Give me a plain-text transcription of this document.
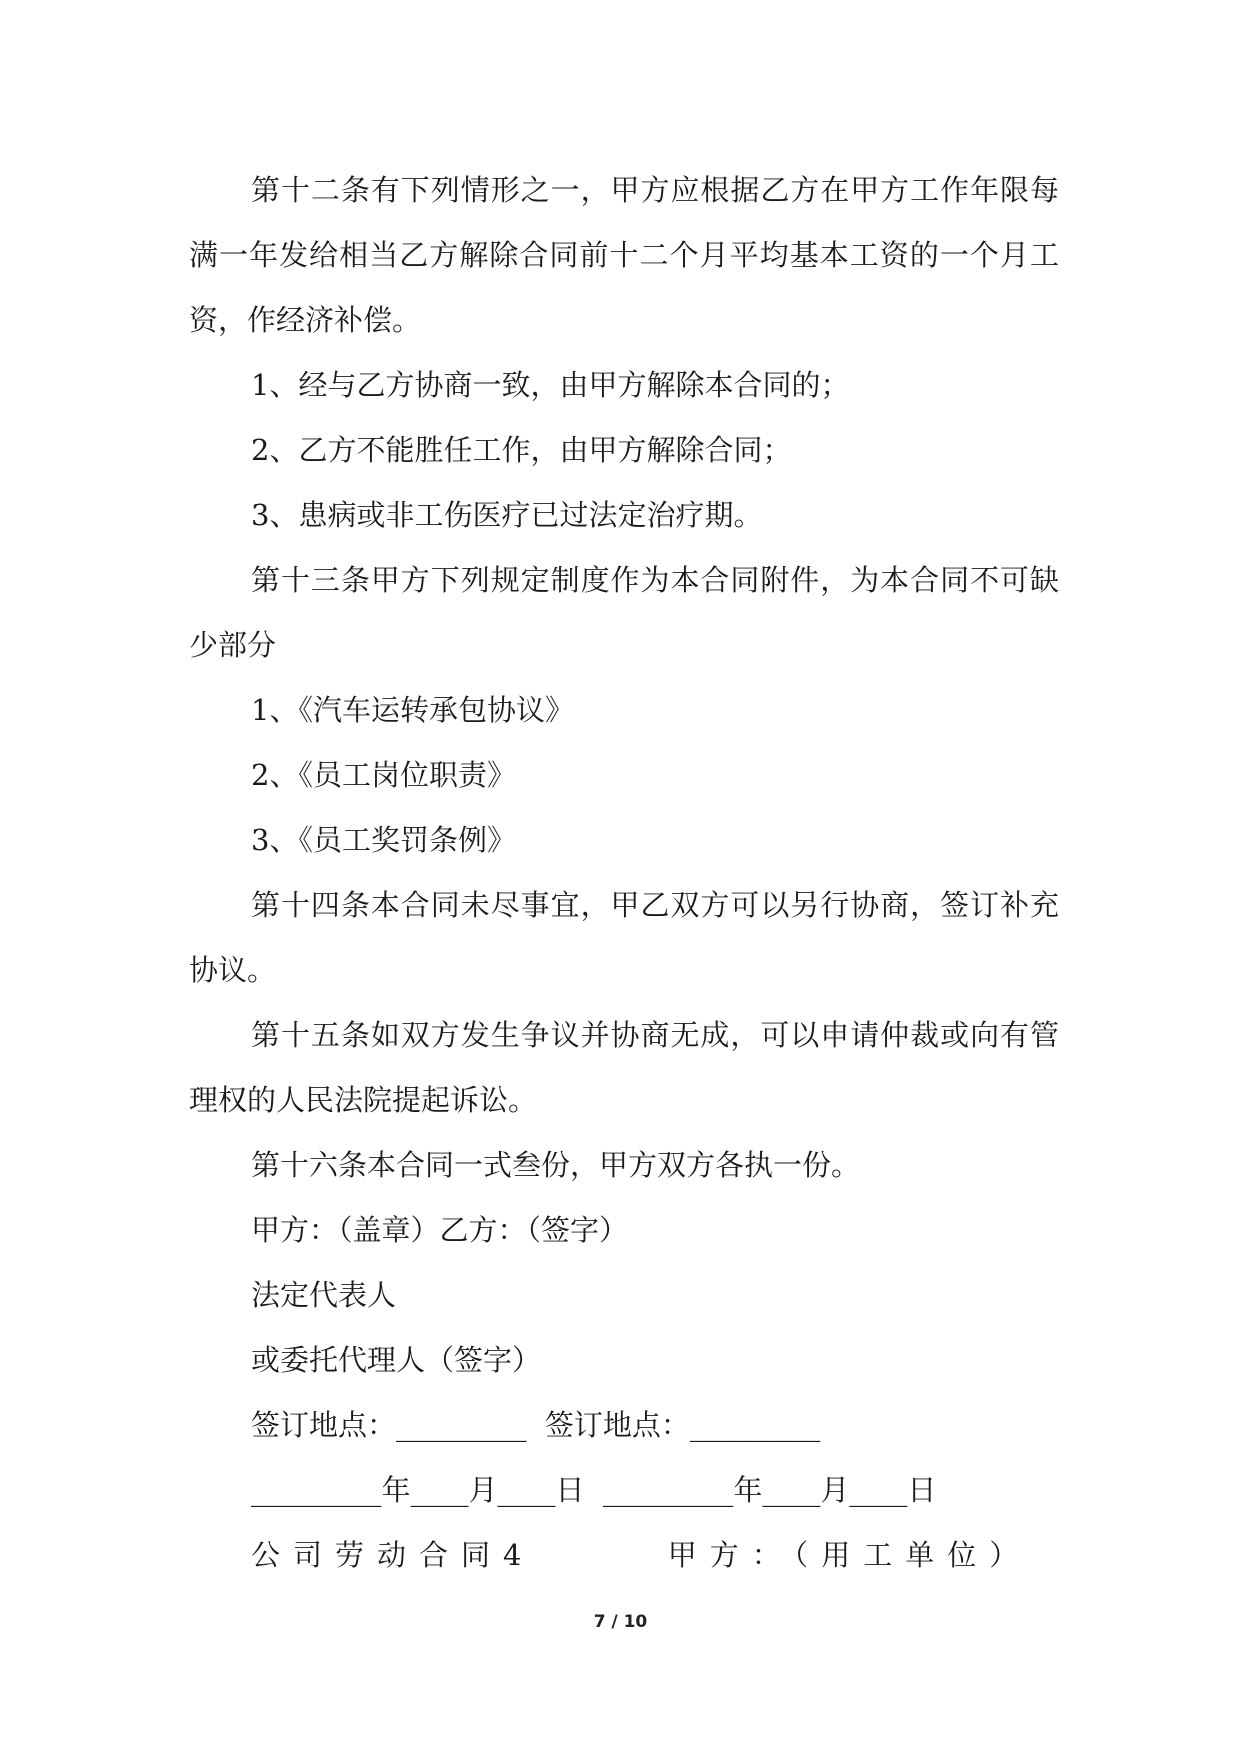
第十二条有下列情形之一，甲方应根据乙方在甲方工作年限每满一年发给相当乙方解除合同前十二个月平均基本工资的一个月工资，作经济补偿。

1、经与乙方协商一致，由甲方解除本合同的；

2、乙方不能胜任工作，由甲方解除合同；

3、患病或非工伤医疗已过法定治疗期。

第十三条甲方下列规定制度作为本合同附件，为本合同不可缺少部分

1、《汽车运转承包协议》

2、《员工岗位职责》

3、《员工奖罚条例》

第十四条本合同未尽事宜，甲乙双方可以另行协商，签订补充协议。

第十五条如双方发生争议并协商无成，可以申请仲裁或向有管理权的人民法院提起诉讼。

第十六条本合同一式叁份，甲方双方各执一份。

甲方：（盖章）乙方：（签字）

法定代表人

或委托代理人（签字）

签订地点：_________  签订地点：_________

_________年____月____日  _________年____月____日

公司劳动合同4      甲方：（用工单位）

7 / 10
